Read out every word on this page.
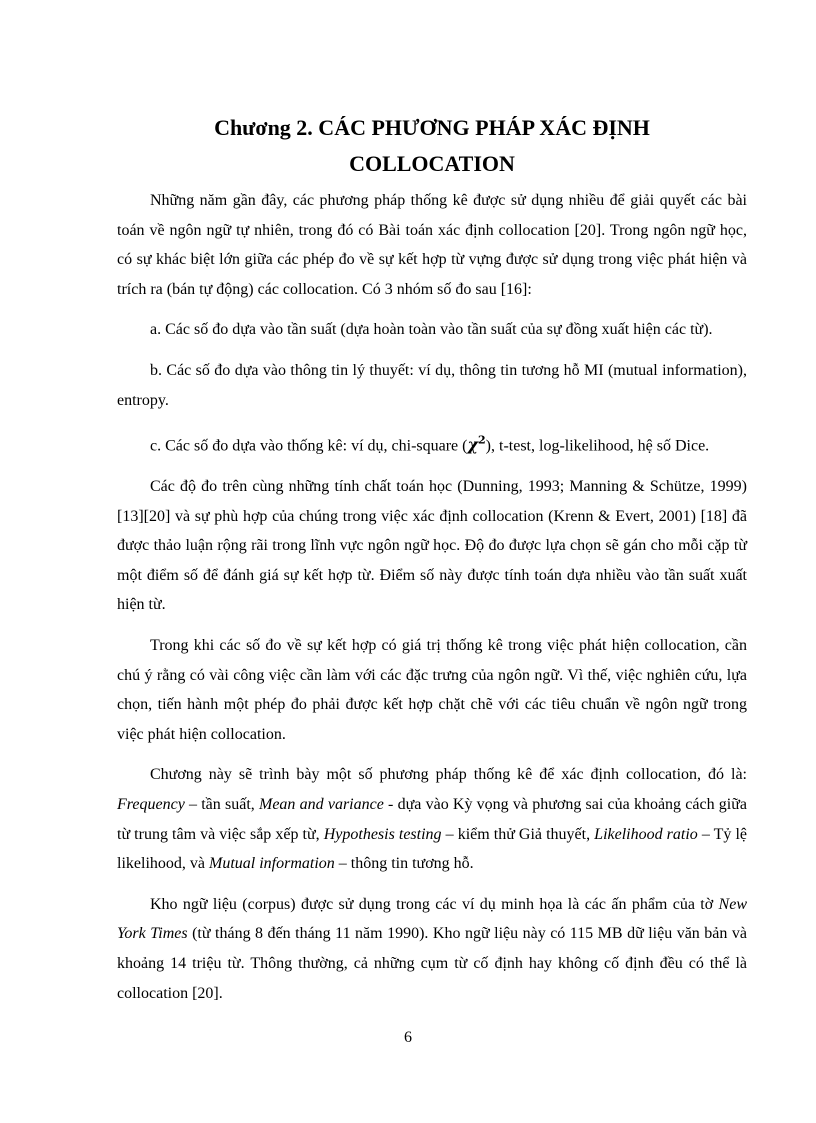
Chương 2. CÁC PHƯƠNG PHÁP XÁC ĐỊNH
COLLOCATION

Những năm gần đây, các phương pháp thống kê được sử dụng nhiều để giải quyết các bài toán về ngôn ngữ tự nhiên, trong đó có Bài toán xác định collocation [20]. Trong ngôn ngữ học, có sự khác biệt lớn giữa các phép đo về sự kết hợp từ vựng được sử dụng trong việc phát hiện và trích ra (bán tự động) các collocation. Có 3 nhóm số đo sau [16]:

a. Các số đo dựa vào tần suất (dựa hoàn toàn vào tần suất của sự đồng xuất hiện các từ).

b. Các số đo dựa vào thông tin lý thuyết: ví dụ, thông tin tương hỗ MI (mutual information), entropy.

c. Các số đo dựa vào thống kê: ví dụ, chi-square $(\chi^2)$, t-test, log-likelihood, hệ số Dice.

Các độ đo trên cùng những tính chất toán học (Dunning, 1993; Manning & Schütze, 1999) [13][20] và sự phù hợp của chúng trong việc xác định collocation (Krenn & Evert, 2001) [18] đã được thảo luận rộng rãi trong lĩnh vực ngôn ngữ học. Độ đo được lựa chọn sẽ gán cho mỗi cặp từ một điểm số để đánh giá sự kết hợp từ. Điểm số này được tính toán dựa nhiều vào tần suất xuất hiện từ.

Trong khi các số đo về sự kết hợp có giá trị thống kê trong việc phát hiện collocation, cần chú ý rằng có vài công việc cần làm với các đặc trưng của ngôn ngữ. Vì thế, việc nghiên cứu, lựa chọn, tiến hành một phép đo phải được kết hợp chặt chẽ với các tiêu chuẩn về ngôn ngữ trong việc phát hiện collocation.

Chương này sẽ trình bày một số phương pháp thống kê để xác định collocation, đó là: Frequency – tần suất, Mean and variance - dựa vào Kỳ vọng và phương sai của khoảng cách giữa từ trung tâm và việc sắp xếp từ, Hypothesis testing – kiểm thử Giả thuyết, Likelihood ratio – Tỷ lệ likelihood, và Mutual information – thông tin tương hỗ.

Kho ngữ liệu (corpus) được sử dụng trong các ví dụ minh họa là các ấn phẩm của tờ New York Times (từ tháng 8 đến tháng 11 năm 1990). Kho ngữ liệu này có 115 MB dữ liệu văn bản và khoảng 14 triệu từ. Thông thường, cả những cụm từ cố định hay không cố định đều có thể là collocation [20].

6
